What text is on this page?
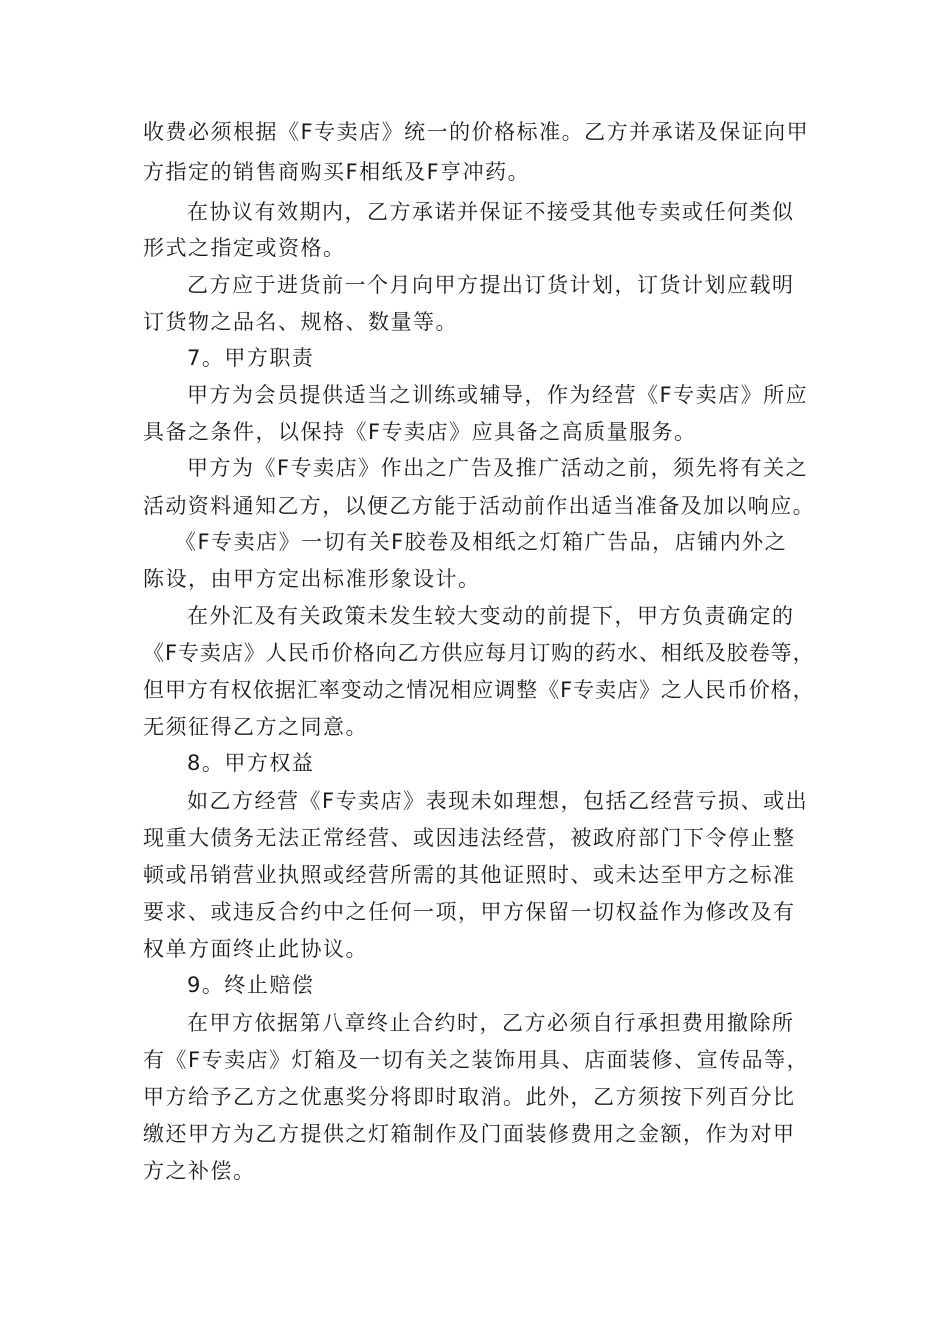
收费必须根据《F专卖店》统一的价格标准。乙方并承诺及保证向甲
方指定的销售商购买F相纸及F亨冲药。
在协议有效期内，乙方承诺并保证不接受其他专卖或任何类似
形式之指定或资格。
乙方应于进货前一个月向甲方提出订货计划，订货计划应载明
订货物之品名、规格、数量等。
7。甲方职责
甲方为会员提供适当之训练或辅导，作为经营《F专卖店》所应
具备之条件，以保持《F专卖店》应具备之高质量服务。
甲方为《F专卖店》作出之广告及推广活动之前，须先将有关之
活动资料通知乙方，以便乙方能于活动前作出适当准备及加以响应。
《F专卖店》一切有关F胶卷及相纸之灯箱广告品，店铺内外之
陈设，由甲方定出标准形象设计。
在外汇及有关政策未发生较大变动的前提下，甲方负责确定的
《F专卖店》人民币价格向乙方供应每月订购的药水、相纸及胶卷等，
但甲方有权依据汇率变动之情况相应调整《F专卖店》之人民币价格，
无须征得乙方之同意。
8。甲方权益
如乙方经营《F专卖店》表现未如理想，包括乙经营亏损、或出
现重大债务无法正常经营、或因违法经营，被政府部门下令停止整
顿或吊销营业执照或经营所需的其他证照时、或未达至甲方之标准
要求、或违反合约中之任何一项，甲方保留一切权益作为修改及有
权单方面终止此协议。
9。终止赔偿
在甲方依据第八章终止合约时，乙方必须自行承担费用撤除所
有《F专卖店》灯箱及一切有关之装饰用具、店面装修、宣传品等，
甲方给予乙方之优惠奖分将即时取消。此外，乙方须按下列百分比
缴还甲方为乙方提供之灯箱制作及门面装修费用之金额，作为对甲
方之补偿。
